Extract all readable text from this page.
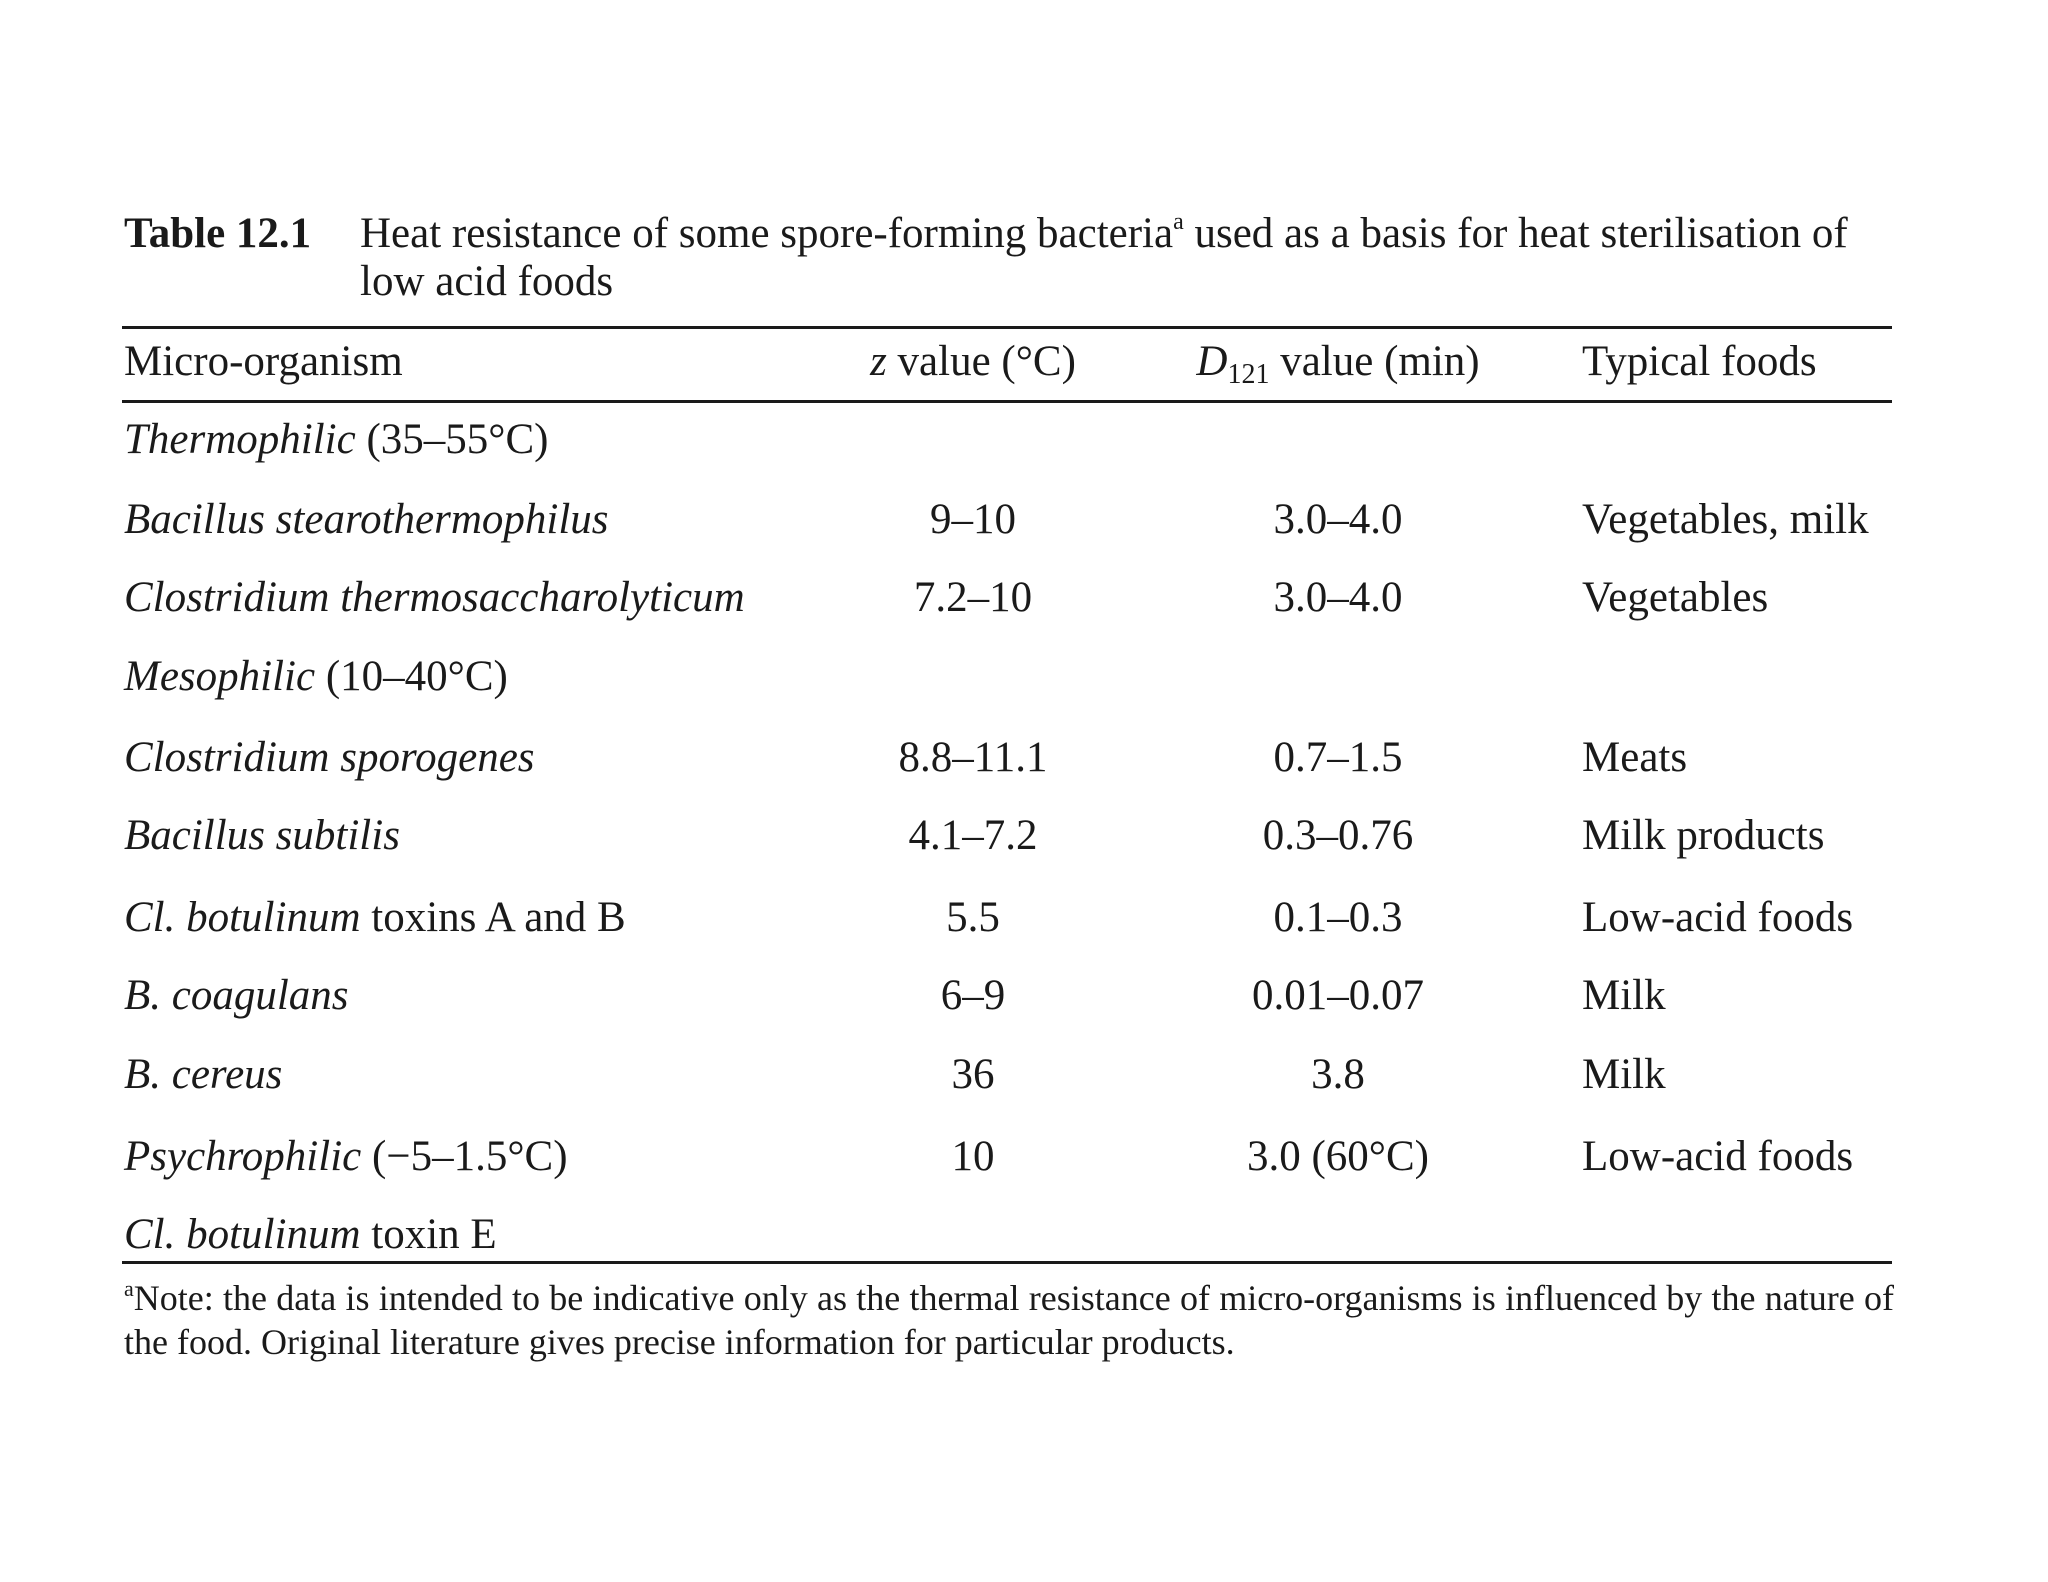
Table 12.1	Heat resistance of some spore-forming bacteria$^a$ used as a basis for heat sterilisation of low acid foods
Micro-organism	z value (°C)	$D_{121}$ value (min)	Typical foods
Thermophilic (35–55°C)
Bacillus stearothermophilus	9–10	3.0–4.0	Vegetables, milk
Clostridium thermosaccharolyticum	7.2–10	3.0–4.0	Vegetables
Mesophilic (10–40°C)
Clostridium sporogenes	8.8–11.1	0.7–1.5	Meats
Bacillus subtilis	4.1–7.2	0.3–0.76	Milk products
Cl. botulinum toxins A and B	5.5	0.1–0.3	Low-acid foods
B. coagulans	6–9	0.01–0.07	Milk
B. cereus	36	3.8	Milk
Psychrophilic (−5–1.5°C)	10	3.0 (60°C)	Low-acid foods
Cl. botulinum toxin E
$^a$Note: the data is intended to be indicative only as the thermal resistance of micro-organisms is influenced by the nature of the food. Original literature gives precise information for particular products.
